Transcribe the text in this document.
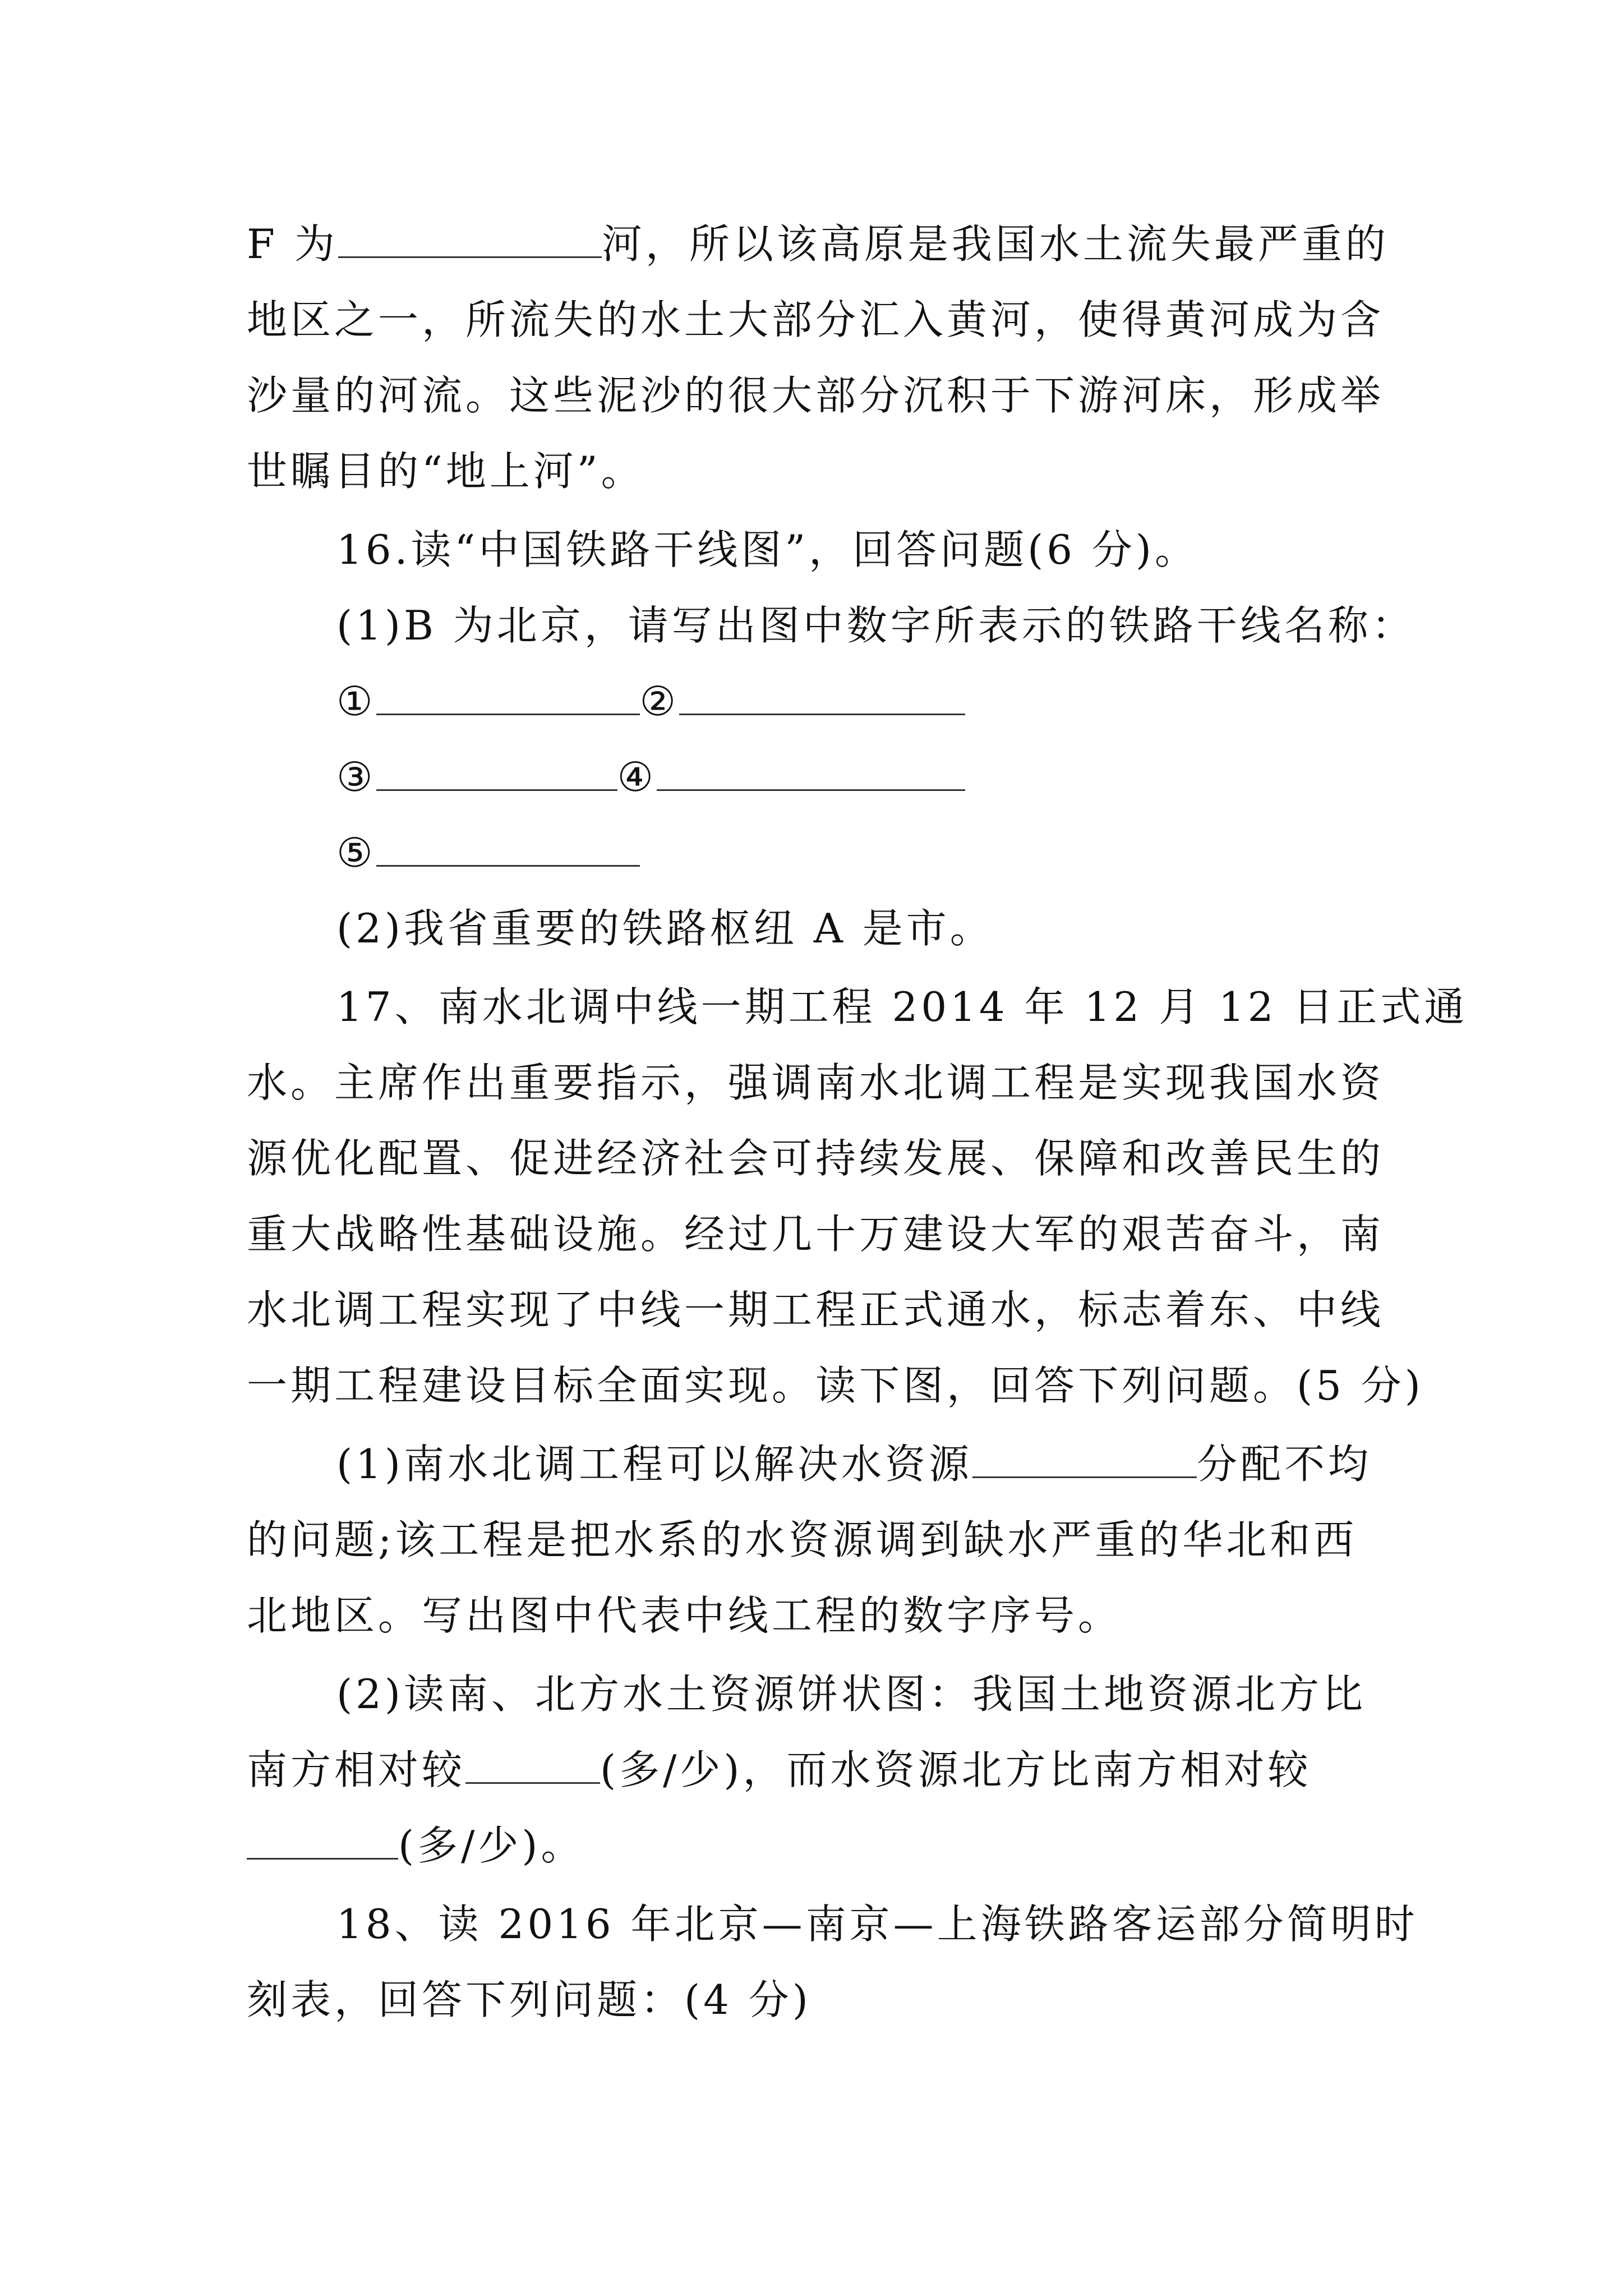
F 为	河，所以该高原是我国水土流失最严重的
地区之一，所流失的水土大部分汇入黄河，使得黄河成为含
沙量的河流。这些泥沙的很大部分沉积于下游河床，形成举
世瞩目的“地上河”。
16.读“中国铁路干线图”，回答问题(6 分)。
(1)B 为北京，请写出图中数字所表示的铁路干线名称：
①	②
③	④
⑤
(2)我省重要的铁路枢纽 A 是市。
17、南水北调中线一期工程 2014 年 12 月 12 日正式通
水。主席作出重要指示，强调南水北调工程是实现我国水资
源优化配置、促进经济社会可持续发展、保障和改善民生的
重大战略性基础设施。经过几十万建设大军的艰苦奋斗，南
水北调工程实现了中线一期工程正式通水，标志着东、中线
一期工程建设目标全面实现。读下图，回答下列问题。(5 分)
(1)南水北调工程可以解决水资源	分配不均
的问题;该工程是把水系的水资源调到缺水严重的华北和西
北地区。写出图中代表中线工程的数字序号。
(2)读南、北方水土资源饼状图：我国土地资源北方比
南方相对较	(多/少)，而水资源北方比南方相对较
(多/少)。
18、读 2016 年北京—南京—上海铁路客运部分简明时
刻表，回答下列问题：(4 分)
